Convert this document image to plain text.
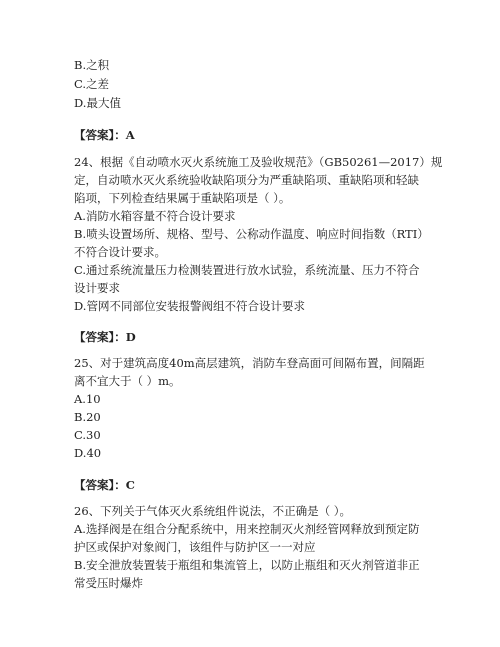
B.之积
C.之差
D.最大值
【答案】：A
24、根据《自动喷水灭火系统施工及验收规范》（GB50261—2017）规
定，自动喷水灭火系统验收缺陷项分为严重缺陷项、重缺陷项和轻缺
陷项，下列检查结果属于重缺陷项是（ ）。
A.消防水箱容量不符合设计要求
B.喷头设置场所、规格、型号、公称动作温度、响应时间指数（RTI）
不符合设计要求。
C.通过系统流量压力检测装置进行放水试验，系统流量、压力不符合
设计要求
D.管网不同部位安装报警阀组不符合设计要求
【答案】：D
25、对于建筑高度40m高层建筑，消防车登高面可间隔布置，间隔距
离不宜大于（ ）m。
A.10
B.20
C.30
D.40
【答案】：C
26、下列关于气体灭火系统组件说法，不正确是（ ）。
A.选择阀是在组合分配系统中，用来控制灭火剂经管网释放到预定防
护区或保护对象阀门，该组件与防护区一一对应
B.安全泄放装置装于瓶组和集流管上，以防止瓶组和灭火剂管道非正
常受压时爆炸
